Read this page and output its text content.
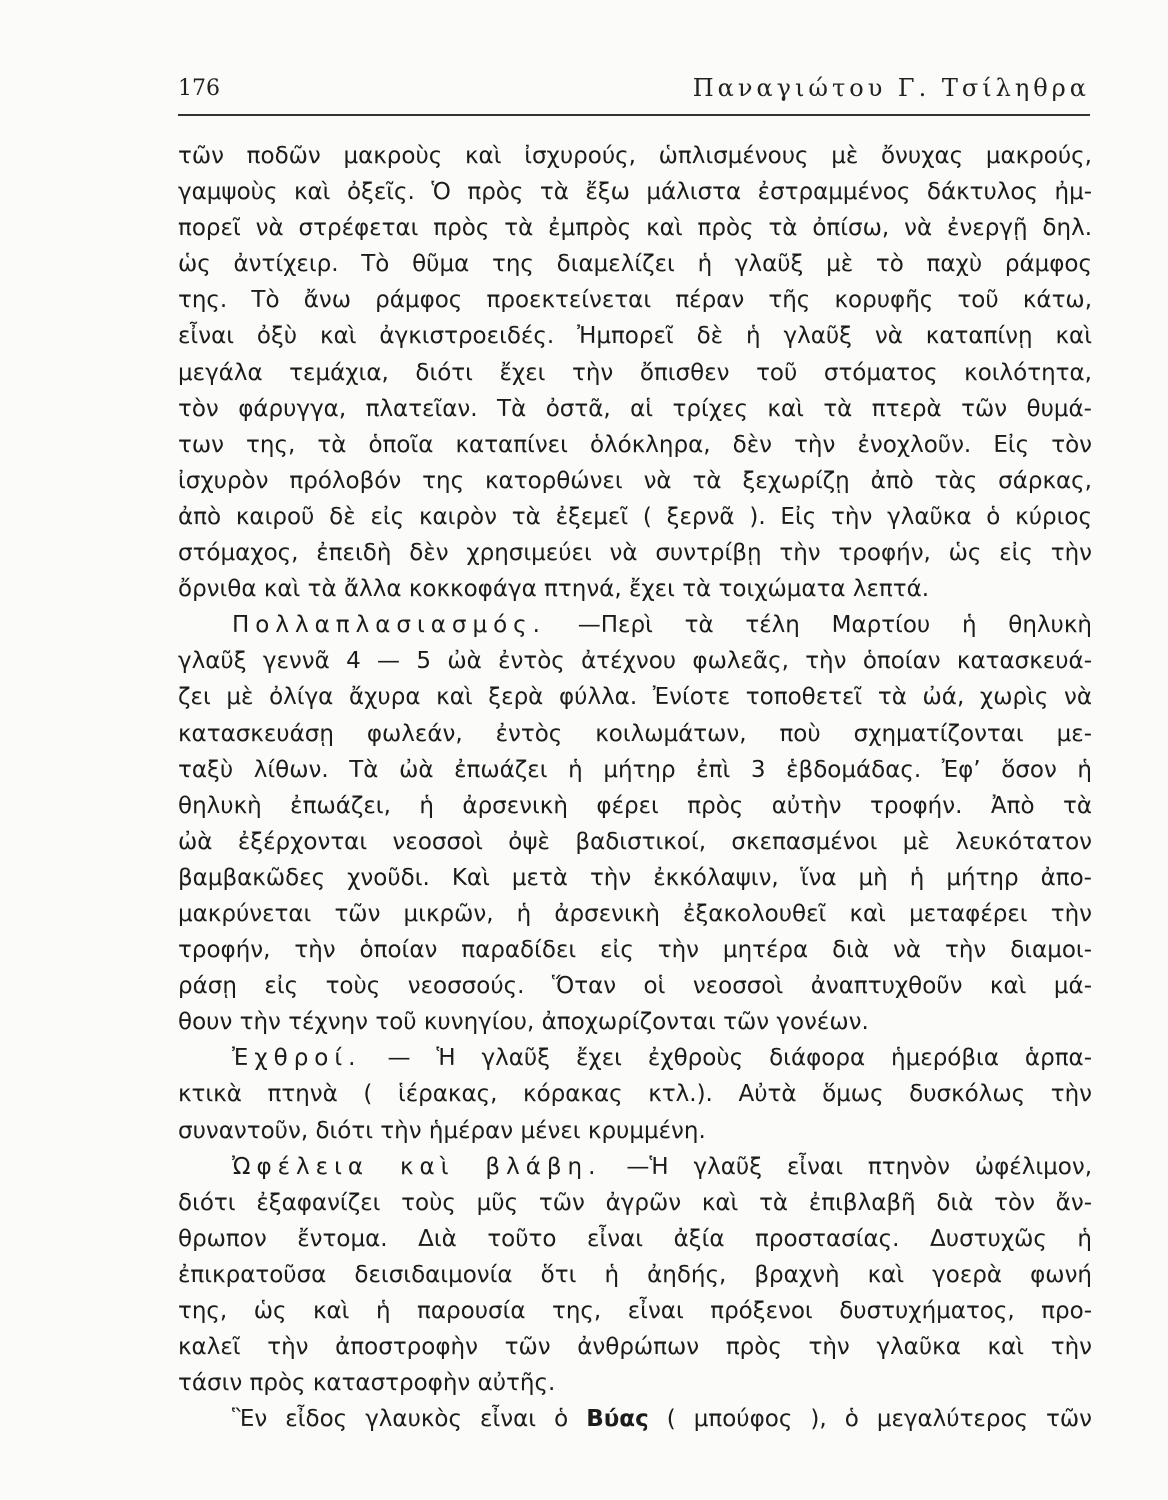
176	Παναγιώτου Γ. Τσίληθρα
τῶν ποδῶν μακροὺς καὶ ἰσχυρούς, ὡπλισμένους μὲ ὄνυχας μακρούς,
γαμψοὺς καὶ ὀξεῖς. Ὁ πρὸς τὰ ἔξω μάλιστα ἐστραμμένος δάκτυλος ἠμ-
πορεῖ νὰ στρέφεται πρὸς τὰ ἐμπρὸς καὶ πρὸς τὰ ὀπίσω, νὰ ἐνεργῇ δηλ.
ὡς ἀντίχειρ. Τὸ θῦμα της διαμελίζει ἡ γλαῦξ μὲ τὸ παχὺ ράμφος
της. Τὸ ἄνω ράμφος προεκτείνεται πέραν τῆς κορυφῆς τοῦ κάτω,
εἶναι ὀξὺ καὶ ἀγκιστροειδές. Ἠμπορεῖ δὲ ἡ γλαῦξ νὰ καταπίνῃ καὶ
μεγάλα τεμάχια, διότι ἔχει τὴν ὄπισθεν τοῦ στόματος κοιλότητα,
τὸν φάρυγγα, πλατεῖαν. Τὰ ὀστᾶ, αἱ τρίχες καὶ τὰ πτερὰ τῶν θυμά-
των της, τὰ ὁποῖα καταπίνει ὁλόκληρα, δὲν τὴν ἐνοχλοῦν. Εἰς τὸν
ἰσχυρὸν πρόλοβόν της κατορθώνει νὰ τὰ ξεχωρίζῃ ἀπὸ τὰς σάρκας,
ἀπὸ καιροῦ δὲ εἰς καιρὸν τὰ ἐξεμεῖ ( ξερνᾶ ). Εἰς τὴν γλαῦκα ὁ κύριος
στόμαχος, ἐπειδὴ δὲν χρησιμεύει νὰ συντρίβῃ τὴν τροφήν, ὡς εἰς τὴν
ὄρνιθα καὶ τὰ ἄλλα κοκκοφάγα πτηνά, ἔχει τὰ τοιχώματα λεπτά.
Πολλαπλασιασμός. —Περὶ τὰ τέλη Μαρτίου ἡ θηλυκὴ
γλαῦξ γεννᾶ 4 — 5 ὠὰ ἐντὸς ἀτέχνου φωλεᾶς, τὴν ὁποίαν κατασκευά-
ζει μὲ ὀλίγα ἄχυρα καὶ ξερὰ φύλλα. Ἐνίοτε τοποθετεῖ τὰ ὠά, χωρὶς νὰ
κατασκευάσῃ φωλεάν, ἐντὸς κοιλωμάτων, ποὺ σχηματίζονται με-
ταξὺ λίθων. Τὰ ὠὰ ἐπωάζει ἡ μήτηρ ἐπὶ 3 ἑβδομάδας. Ἐφ’ ὅσον ἡ
θηλυκὴ ἐπωάζει, ἡ ἀρσενικὴ φέρει πρὸς αὐτὴν τροφήν. Ἀπὸ τὰ
ὠὰ ἐξέρχονται νεοσσοὶ ὀψὲ βαδιστικοί, σκεπασμένοι μὲ λευκότατον
βαμβακῶδες χνοῦδι. Καὶ μετὰ τὴν ἐκκόλαψιν, ἵνα μὴ ἡ μήτηρ ἀπο-
μακρύνεται τῶν μικρῶν, ἡ ἀρσενικὴ ἐξακολουθεῖ καὶ μεταφέρει τὴν
τροφήν, τὴν ὁποίαν παραδίδει εἰς τὴν μητέρα διὰ νὰ τὴν διαμοι-
ράσῃ εἰς τοὺς νεοσσούς. Ὅταν οἱ νεοσσοὶ ἀναπτυχθοῦν καὶ μά-
θουν τὴν τέχνην τοῦ κυνηγίου, ἀποχωρίζονται τῶν γονέων.
Ἐχθροί. — Ἡ γλαῦξ ἔχει ἐχθροὺς διάφορα ἡμερόβια ἁρπα-
κτικὰ πτηνὰ ( ἱέρακας, κόρακας κτλ.). Αὐτὰ ὅμως δυσκόλως τὴν
συναντοῦν, διότι τὴν ἡμέραν μένει κρυμμένη.
Ὠφέλεια καὶ βλάβη. —Ἡ γλαῦξ εἶναι πτηνὸν ὠφέλιμον,
διότι ἐξαφανίζει τοὺς μῦς τῶν ἀγρῶν καὶ τὰ ἐπιβλαβῆ διὰ τὸν ἄν-
θρωπον ἔντομα. Διὰ τοῦτο εἶναι ἀξία προστασίας. Δυστυχῶς ἡ
ἐπικρατοῦσα δεισιδαιμονία ὅτι ἡ ἀηδής, βραχνὴ καὶ γοερὰ φωνή
της, ὡς καὶ ἡ παρουσία της, εἶναι πρόξενοι δυστυχήματος, προ-
καλεῖ τὴν ἀποστροφὴν τῶν ἀνθρώπων πρὸς τὴν γλαῦκα καὶ τὴν
τάσιν πρὸς καταστροφὴν αὐτῆς.
Ἓν εἶδος γλαυκὸς εἶναι ὁ Βύας ( μπούφος ), ὁ μεγαλύτερος τῶν
